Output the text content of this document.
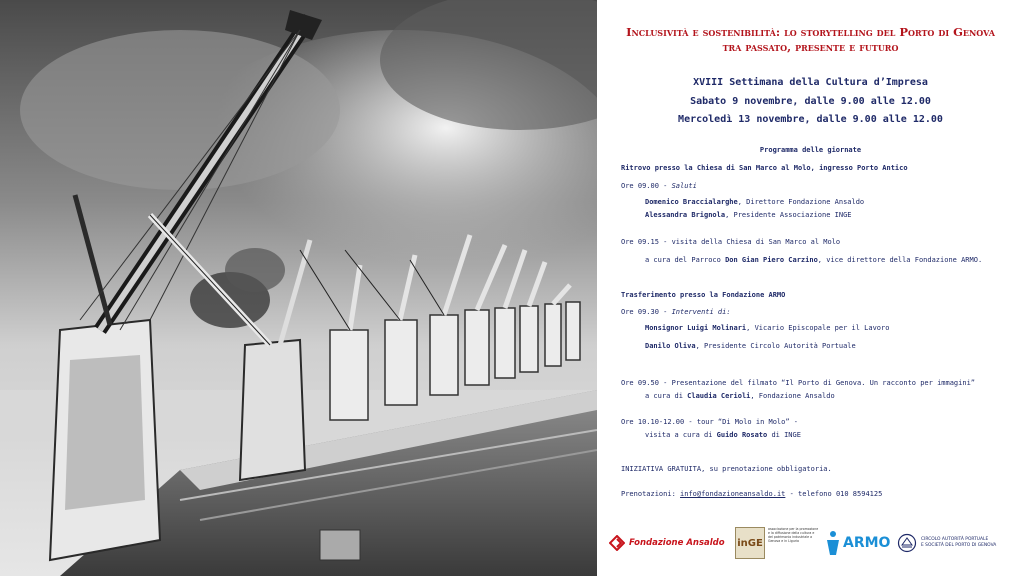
Inclusività e sostenibilità: lo storytelling del Porto di Genova
tra passato, presente e futuro
XVIII Settimana della Cultura d’Impresa
Sabato 9 novembre, dalle 9.00 alle 12.00
Mercoledì 13 novembre, dalle 9.00 alle 12.00
Programma delle giornate
Ritrovo presso la Chiesa di San Marco al Molo, ingresso Porto Antico
Ore 09.00 - Saluti
Domenico Braccialarghe, Direttore Fondazione Ansaldo
Alessandra Brignola, Presidente Associazione INGE
Ore 09.15 - visita della Chiesa di San Marco al Molo
a cura del Parroco Don Gian Piero Carzino, vice direttore della Fondazione ARMO.
Trasferimento presso la Fondazione ARMO
Ore 09.30 - Interventi di:
Monsignor Luigi Molinari, Vicario Episcopale per il Lavoro
Danilo Oliva, Presidente Circolo Autorità Portuale
Ore 09.50 - Presentazione del filmato “Il Porto di Genova. Un racconto per immagini”
a cura di Claudia Cerioli, Fondazione Ansaldo
Ore 10.10-12.00 - tour “Di Molo in Molo” -
visita a cura di Guido Rosato di INGE
INIZIATIVA GRATUITA, su prenotazione obbligatoria.
Prenotazioni: info@fondazioneansaldo.it - telefono 010 8594125
Fondazione Ansaldo inGE
associazione per la promozione e la diffusione della cultura e del patrimonio industriale a Genova e in Liguria	ARMO	CIRCOLO AUTORITÀ PORTUALE
E SOCIETÀ DEL PORTO DI GENOVA
